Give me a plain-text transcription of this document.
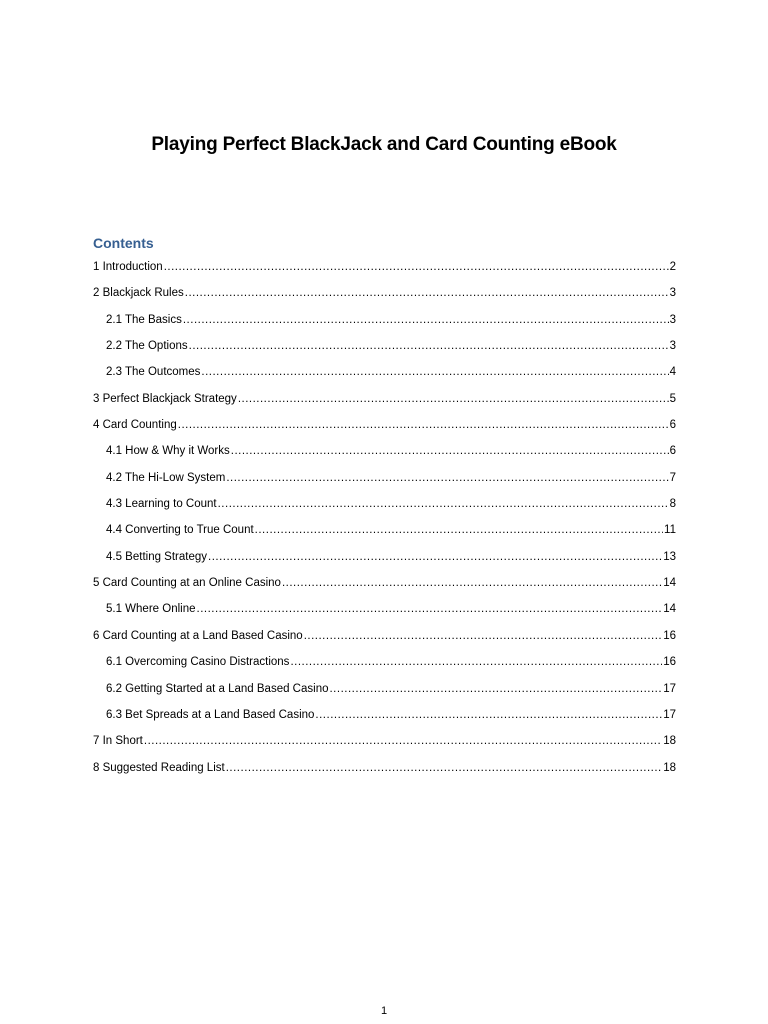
Playing Perfect BlackJack and Card Counting eBook
Contents
1 Introduction .....	2
2 Blackjack Rules .....	3
2.1 The Basics .....	3
2.2 The Options .....	3
2.3 The Outcomes .....	4
3 Perfect Blackjack Strategy .....	5
4 Card Counting .....	6
4.1 How & Why it Works .....	6
4.2 The Hi-Low System .....	7
4.3 Learning to Count .....	8
4.4 Converting to True Count .....	11
4.5 Betting Strategy .....	13
5 Card Counting at an Online Casino .....	14
5.1 Where Online .....	14
6 Card Counting at a Land Based Casino .....	16
6.1 Overcoming Casino Distractions .....	16
6.2 Getting Started at a Land Based Casino .....	17
6.3 Bet Spreads at a Land Based Casino .....	17
7 In Short .....	18
8 Suggested Reading List .....	18
1
